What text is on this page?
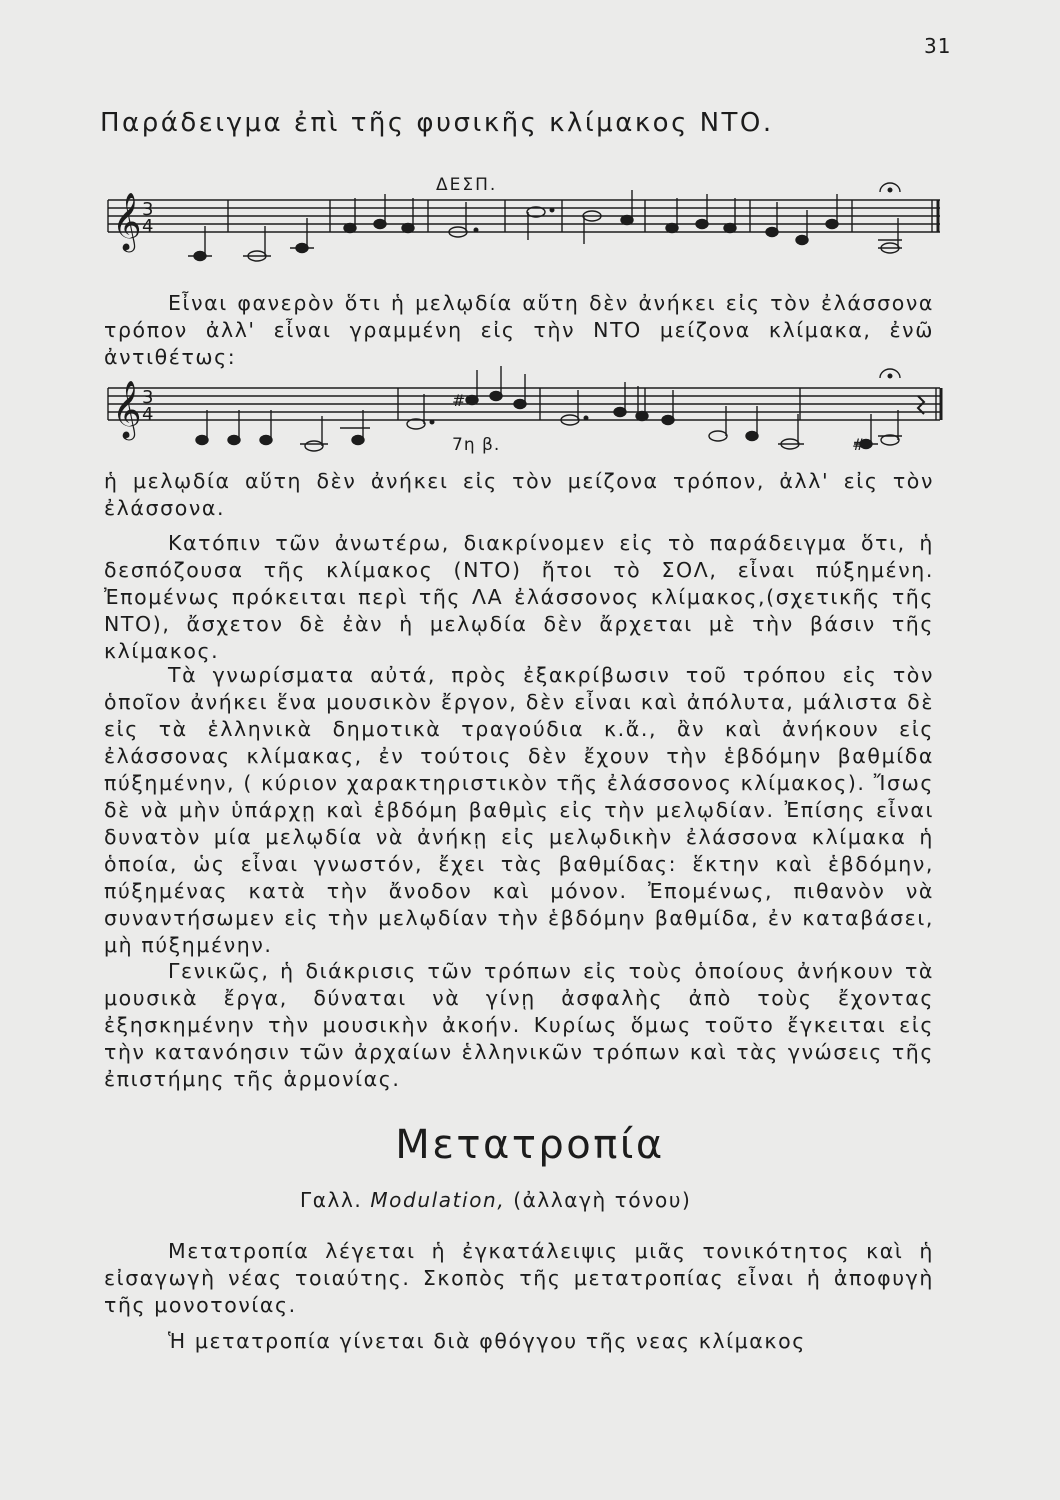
31
Παράδειγμα ἐπὶ τῆς φυσικῆς κλίμακος ΝΤΟ.
𝄞 3
4
ΔΕΣΠ.

Εἶναι φανερὸν ὅτι ἡ μελῳδία αὕτη δὲν ἀνήκει εἰς τὸν ἐλάσσονα τρόπον ἀλλ' εἶναι γραμμένη εἰς τὴν ΝΤΟ μείζονα κλίμακα, ἐνῶ ἀντιθέτως:

𝄞 3
4
7η β.
#
#

ἡ μελῳδία αὕτη δὲν ἀνήκει εἰς τὸν μείζονα τρόπον, ἀλλ' εἰς τὸν ἐλάσσονα.

Κατόπιν τῶν ἀνωτέρω, διακρίνομεν εἰς τὸ παράδειγμα ὅτι, ἡ δεσπόζουσα τῆς κλίμακος (ΝΤΟ) ἤτοι τὸ ΣΟΛ, εἶναι πύξημένη. Ἐπομένως πρόκειται περὶ τῆς ΛΑ ἐλάσσονος κλίμακος,(σχετικῆς τῆς ΝΤΟ), ἄσχετον δὲ ἐὰν ἡ μελῳδία δὲν ἄρχεται μὲ τὴν βάσιν τῆς κλίμακος.

Τὰ γνωρίσματα αὐτά, πρὸς ἐξακρίβωσιν τοῦ τρόπου εἰς τὸν ὁποῖον ἀνήκει ἕνα μουσικὸν ἔργον, δὲν εἶναι καὶ ἀπόλυτα, μάλιστα δὲ εἰς τὰ ἑλληνικὰ δημοτικὰ τραγούδια κ.ἄ., ἂν καὶ ἀνήκουν εἰς ἐλάσσονας κλίμακας, ἐν τούτοις δὲν ἔχουν τὴν ἑβδόμην βαθμίδα πύξημένην, ( κύριον χαρακτηριστικὸν τῆς ἐλάσσονος κλίμακος). Ἴσως δὲ νὰ μὴν ὑπάρχῃ καὶ ἑβδόμη βαθμὶς εἰς τὴν μελῳδίαν. Ἐπίσης εἶναι δυνατὸν μία μελῳδία νὰ ἀνήκῃ εἰς μελῳδικὴν ἐλάσσονα κλίμακα ἡ ὁποία, ὡς εἶναι γνωστόν, ἔχει τὰς βαθμίδας: ἕκτην καὶ ἑβδόμην, πύξημένας κατὰ τὴν ἄνοδον καὶ μόνον. Ἐπομένως, πιθανὸν νὰ συναντήσωμεν εἰς τὴν μελῳδίαν τὴν ἑβδόμην βαθμίδα, ἐν καταβάσει, μὴ πύξημένην.

Γενικῶς, ἡ διάκρισις τῶν τρόπων εἰς τοὺς ὁποίους ἀνήκουν τὰ μουσικὰ ἔργα, δύναται νὰ γίνῃ ἀσφαλὴς ἀπὸ τοὺς ἔχοντας ἐξησκημένην τὴν μουσικὴν ἀκοήν. Κυρίως ὅμως τοῦτο ἔγκειται εἰς τὴν κατανόησιν τῶν ἀρχαίων ἑλληνικῶν τρόπων καὶ τὰς γνώσεις τῆς ἐπιστήμης τῆς ἁρμονίας.

Μετατροπία
Γαλλ. Modulation, (ἀλλαγὴ τόνου)

Μετατροπία λέγεται ἡ ἐγκατάλειψις μιᾶς τονικότητος καὶ ἡ εἰσαγωγὴ νέας τοιαύτης. Σκοπὸς τῆς μετατροπίας εἶναι ἡ ἀποφυγὴ τῆς μονοτονίας.

Ἡ μετατροπία γίνεται διὰ φθόγγου τῆς νεας κλίμακος
